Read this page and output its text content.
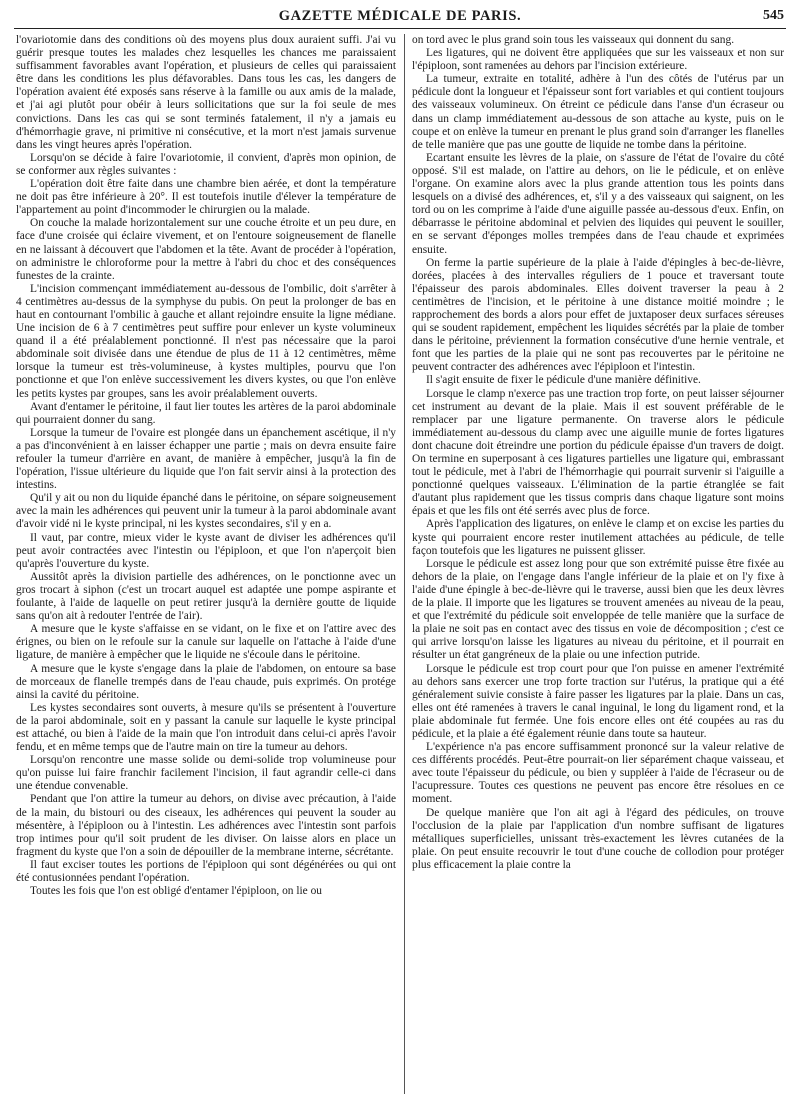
GAZETTE MÉDICALE DE PARIS.	545

l'ovariotomie dans des conditions où des moyens plus doux auraient suffi. J'ai vu guérir presque toutes les malades chez lesquelles les chances me paraissaient suffisamment favorables avant l'opération, et plusieurs de celles qui paraissaient être dans les conditions les plus défavorables. Dans tous les cas, les dangers de l'opération avaient été exposés sans réserve à la famille ou aux amis de la malade, et j'ai agi plutôt pour obéir à leurs sollicitations que sur la foi seule de mes convictions. Dans les cas qui se sont terminés fatalement, il n'y a jamais eu d'hémorrhagie grave, ni primitive ni consécutive, et la mort n'est jamais survenue dans les vingt heures après l'opération.

Lorsqu'on se décide à faire l'ovariotomie, il convient, d'après mon opinion, de se conformer aux règles suivantes :

L'opération doit être faite dans une chambre bien aérée, et dont la température ne doit pas être inférieure à 20°. Il est toutefois inutile d'élever la température de l'appartement au point d'incommoder le chirurgien ou la malade.

On couche la malade horizontalement sur une couche étroite et un peu dure, en face d'une croisée qui éclaire vivement, et on l'entoure soigneusement de flanelle en ne laissant à découvert que l'abdomen et la tête. Avant de procéder à l'opération, on administre le chloroforme pour la mettre à l'abri du choc et des conséquences funestes de la crainte.

L'incision commençant immédiatement au-dessous de l'ombilic, doit s'arrêter à 4 centimètres au-dessus de la symphyse du pubis. On peut la prolonger de bas en haut en contournant l'ombilic à gauche et allant rejoindre ensuite la ligne médiane. Une incision de 6 à 7 centimètres peut suffire pour enlever un kyste volumineux quand il a été préalablement ponctionné. Il n'est pas nécessaire que la paroi abdominale soit divisée dans une étendue de plus de 11 à 12 centimètres, même lorsque la tumeur est très-volumineuse, à kystes multiples, pourvu que l'on ponctionne et que l'on enlève successivement les divers kystes, ou que l'on enlève les petits kystes par groupes, sans les avoir préalablement ouverts.

Avant d'entamer le péritoine, il faut lier toutes les artères de la paroi abdominale qui pourraient donner du sang.

Lorsque la tumeur de l'ovaire est plongée dans un épanchement ascétique, il n'y a pas d'inconvénient à en laisser échapper une partie ; mais on devra ensuite faire refouler la tumeur d'arrière en avant, de manière à empêcher, jusqu'à la fin de l'opération, l'issue ultérieure du liquide que l'on fait servir ainsi à la protection des intestins.

Qu'il y ait ou non du liquide épanché dans le péritoine, on sépare soigneusement avec la main les adhérences qui peuvent unir la tumeur à la paroi abdominale avant d'avoir vidé ni le kyste principal, ni les kystes secondaires, s'il y en a.

Il vaut, par contre, mieux vider le kyste avant de diviser les adhérences qu'il peut avoir contractées avec l'intestin ou l'épiploon, et que l'on n'aperçoit bien qu'après l'ouverture du kyste.

Aussitôt après la division partielle des adhérences, on le ponctionne avec un gros trocart à siphon (c'est un trocart auquel est adaptée une pompe aspirante et foulante, à l'aide de laquelle on peut retirer jusqu'à la dernière goutte de liquide sans qu'on ait à redouter l'entrée de l'air).

A mesure que le kyste s'affaisse en se vidant, on le fixe et on l'attire avec des érignes, ou bien on le refoule sur la canule sur laquelle on l'attache à l'aide d'une ligature, de manière à empêcher que le liquide ne s'écoule dans le péritoine.

A mesure que le kyste s'engage dans la plaie de l'abdomen, on entoure sa base de morceaux de flanelle trempés dans de l'eau chaude, puis exprimés. On protége ainsi la cavité du péritoine.

Les kystes secondaires sont ouverts, à mesure qu'ils se présentent à l'ouverture de la paroi abdominale, soit en y passant la canule sur laquelle le kyste principal est attaché, ou bien à l'aide de la main que l'on introduit dans celui-ci après l'avoir fendu, et en même temps que de l'autre main on tire la tumeur au dehors.

Lorsqu'on rencontre une masse solide ou demi-solide trop volumineuse pour qu'on puisse lui faire franchir facilement l'incision, il faut agrandir celle-ci dans une étendue convenable.

Pendant que l'on attire la tumeur au dehors, on divise avec précaution, à l'aide de la main, du bistouri ou des ciseaux, les adhérences qui peuvent la souder au mésentère, à l'épiploon ou à l'intestin. Les adhérences avec l'intestin sont parfois trop intimes pour qu'il soit prudent de les diviser. On laisse alors en place un fragment du kyste que l'on a soin de dépouiller de la membrane interne, sécrétante.

Il faut exciser toutes les portions de l'épiploon qui sont dégénérées ou qui ont été contusionnées pendant l'opération.

Toutes les fois que l'on est obligé d'entamer l'épiploon, on lie ou

on tord avec le plus grand soin tous les vaisseaux qui donnent du sang.

Les ligatures, qui ne doivent être appliquées que sur les vaisseaux et non sur l'épiploon, sont ramenées au dehors par l'incision extérieure.

La tumeur, extraite en totalité, adhère à l'un des côtés de l'utérus par un pédicule dont la longueur et l'épaisseur sont fort variables et qui contient toujours des vaisseaux volumineux. On étreint ce pédicule dans l'anse d'un écraseur ou dans un clamp immédiatement au-dessous de son attache au kyste, puis on le coupe et on enlève la tumeur en prenant le plus grand soin d'arranger les flanelles de telle manière que pas une goutte de liquide ne tombe dans la péritoine.

Ecartant ensuite les lèvres de la plaie, on s'assure de l'état de l'ovaire du côté opposé. S'il est malade, on l'attire au dehors, on lie le pédicule, et on enlève l'organe. On examine alors avec la plus grande attention tous les points dans lesquels on a divisé des adhérences, et, s'il y a des vaisseaux qui saignent, on les tord ou on les comprime à l'aide d'une aiguille passée au-dessous d'eux. Enfin, on débarrasse le péritoine abdominal et pelvien des liquides qui peuvent le souiller, en se servant d'éponges molles trempées dans de l'eau chaude et exprimées ensuite.

On ferme la partie supérieure de la plaie à l'aide d'épingles à bec-de-lièvre, dorées, placées à des intervalles réguliers de 1 pouce et traversant toute l'épaisseur des parois abdominales. Elles doivent traverser la peau à 2 centimètres de l'incision, et le péritoine à une distance moitié moindre ; le rapprochement des bords a alors pour effet de juxtaposer deux surfaces séreuses qui se soudent rapidement, empêchent les liquides sécrétés par la plaie de tomber dans le péritoine, préviennent la formation consécutive d'une hernie ventrale, et font que les parties de la plaie qui ne sont pas recouvertes par le péritoine ne peuvent contracter des adhérences avec l'épiploon et l'intestin.

Il s'agit ensuite de fixer le pédicule d'une manière définitive.

Lorsque le clamp n'exerce pas une traction trop forte, on peut laisser séjourner cet instrument au devant de la plaie. Mais il est souvent préférable de le remplacer par une ligature permanente. On traverse alors le pédicule immédiatement au-dessous du clamp avec une aiguille munie de fortes ligatures dont chacune doit étreindre une portion du pédicule épaisse d'un travers de doigt. On termine en superposant à ces ligatures partielles une ligature qui, embrassant tout le pédicule, met à l'abri de l'hémorrhagie qui pourrait survenir si l'aiguille a ponctionné quelques vaisseaux. L'élimination de la partie étranglée se fait d'autant plus rapidement que les tissus compris dans chaque ligature sont moins épais et que les fils ont été serrés avec plus de force.

Après l'application des ligatures, on enlève le clamp et on excise les parties du kyste qui pourraient encore rester inutilement attachées au pédicule, de telle façon toutefois que les ligatures ne puissent glisser.

Lorsque le pédicule est assez long pour que son extrémité puisse être fixée au dehors de la plaie, on l'engage dans l'angle inférieur de la plaie et on l'y fixe à l'aide d'une épingle à bec-de-lièvre qui le traverse, aussi bien que les deux lèvres de la plaie. Il importe que les ligatures se trouvent amenées au niveau de la peau, et que l'extrémité du pédicule soit enveloppée de telle manière que la surface de la plaie ne soit pas en contact avec des tissus en voie de décomposition ; c'est ce qui arrive lorsqu'on laisse les ligatures au niveau du péritoine, et il pourrait en résulter un état gangréneux de la plaie ou une infection putride.

Lorsque le pédicule est trop court pour que l'on puisse en amener l'extrémité au dehors sans exercer une trop forte traction sur l'utérus, la pratique qui a été généralement suivie consiste à faire passer les ligatures par la plaie. Dans un cas, elles ont été ramenées à travers le canal inguinal, le long du ligament rond, et la plaie abdominale fut fermée. Une fois encore elles ont été coupées au ras du pédicule, et la plaie a été également réunie dans toute sa hauteur.

L'expérience n'a pas encore suffisamment prononcé sur la valeur relative de ces différents procédés. Peut-être pourrait-on lier séparément chaque vaisseau, et avec toute l'épaisseur du pédicule, ou bien y suppléer à l'aide de l'écraseur ou de l'acupressure. Toutes ces questions ne peuvent pas encore être résolues en ce moment.

De quelque manière que l'on ait agi à l'égard des pédicules, on trouve l'occlusion de la plaie par l'application d'un nombre suffisant de ligatures métalliques superficielles, unissant très-exactement les lèvres cutanées de la plaie. On peut ensuite recouvrir le tout d'une couche de collodion pour protéger plus efficacement la plaie contre la
